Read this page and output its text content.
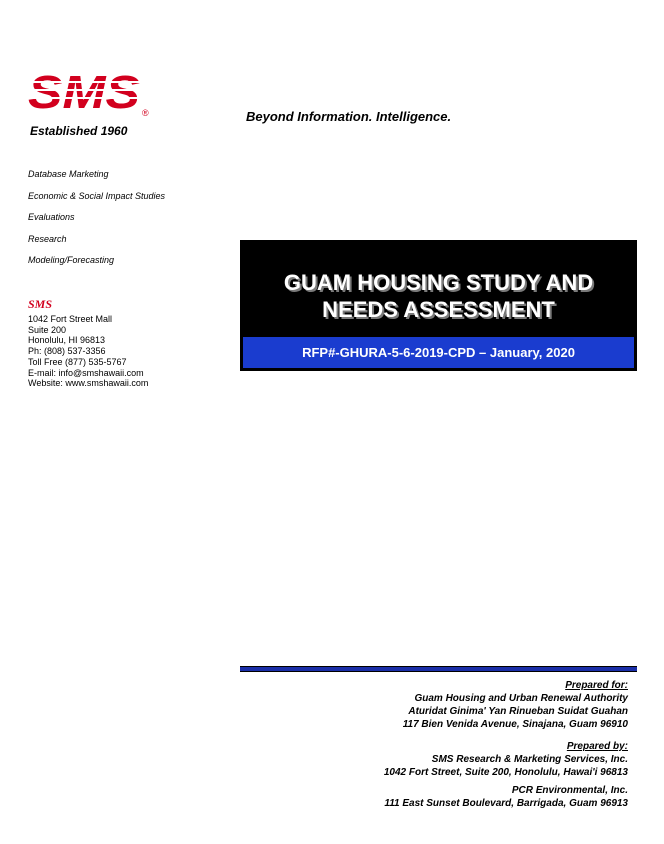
SMS ®
Established 1960
Beyond Information. Intelligence.
Database Marketing
Economic & Social Impact Studies
Evaluations
Research
Modeling/Forecasting
SMS
1042 Fort Street Mall
Suite 200
Honolulu, HI 96813
Ph: (808) 537-3356
Toll Free (877) 535-5767
E-mail: info@smshawaii.com
Website: www.smshawaii.com
GUAM HOUSING STUDY AND
NEEDS ASSESSMENT
RFP#-GHURA-5-6-2019-CPD – January, 2020
Prepared for:
Guam Housing and Urban Renewal Authority
Aturidat Ginima' Yan Rinueban Suidat Guahan
117 Bien Venida Avenue, Sinajana, Guam 96910
Prepared by:
SMS Research & Marketing Services, Inc.
1042 Fort Street, Suite 200, Honolulu, Hawai'i 96813
PCR Environmental, Inc.
111 East Sunset Boulevard, Barrigada, Guam 96913
